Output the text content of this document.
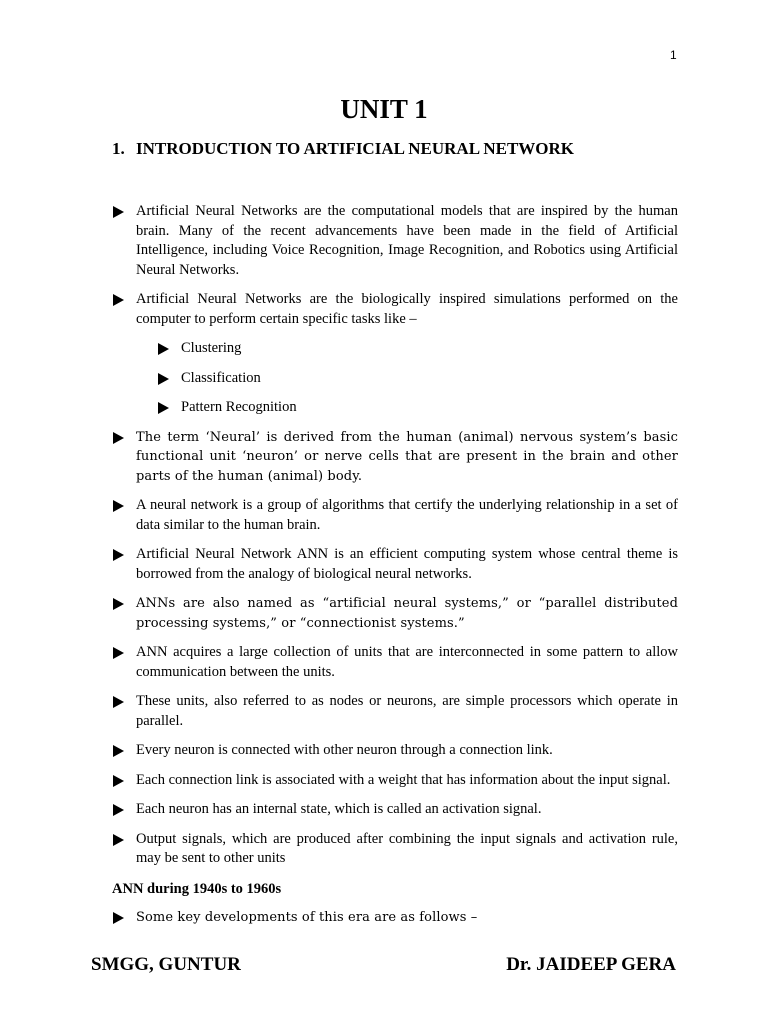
1
UNIT 1
1. INTRODUCTION TO ARTIFICIAL NEURAL NETWORK
Artificial Neural Networks are the computational models that are inspired by the human brain. Many of the recent advancements have been made in the field of Artificial Intelligence, including Voice Recognition, Image Recognition, and Robotics using Artificial Neural Networks.
Artificial Neural Networks are the biologically inspired simulations performed on the computer to perform certain specific tasks like –
Clustering
Classification
Pattern Recognition
The term ‘Neural’ is derived from the human (animal) nervous system’s basic functional unit ‘neuron’ or nerve cells that are present in the brain and other parts of the human (animal) body.
A neural network is a group of algorithms that certify the underlying relationship in a set of data similar to the human brain.
Artificial Neural Network ANN is an efficient computing system whose central theme is borrowed from the analogy of biological neural networks.
ANNs are also named as “artificial neural systems,” or “parallel distributed processing systems,” or “connectionist systems.”
ANN acquires a large collection of units that are interconnected in some pattern to allow communication between the units.
These units, also referred to as nodes or neurons, are simple processors which operate in parallel.
Every neuron is connected with other neuron through a connection link.
Each connection link is associated with a weight that has information about the input signal.
Each neuron has an internal state, which is called an activation signal.
Output signals, which are produced after combining the input signals and activation rule, may be sent to other units
ANN during 1940s to 1960s
Some key developments of this era are as follows –
SMGG, GUNTUR	Dr. JAIDEEP GERA
